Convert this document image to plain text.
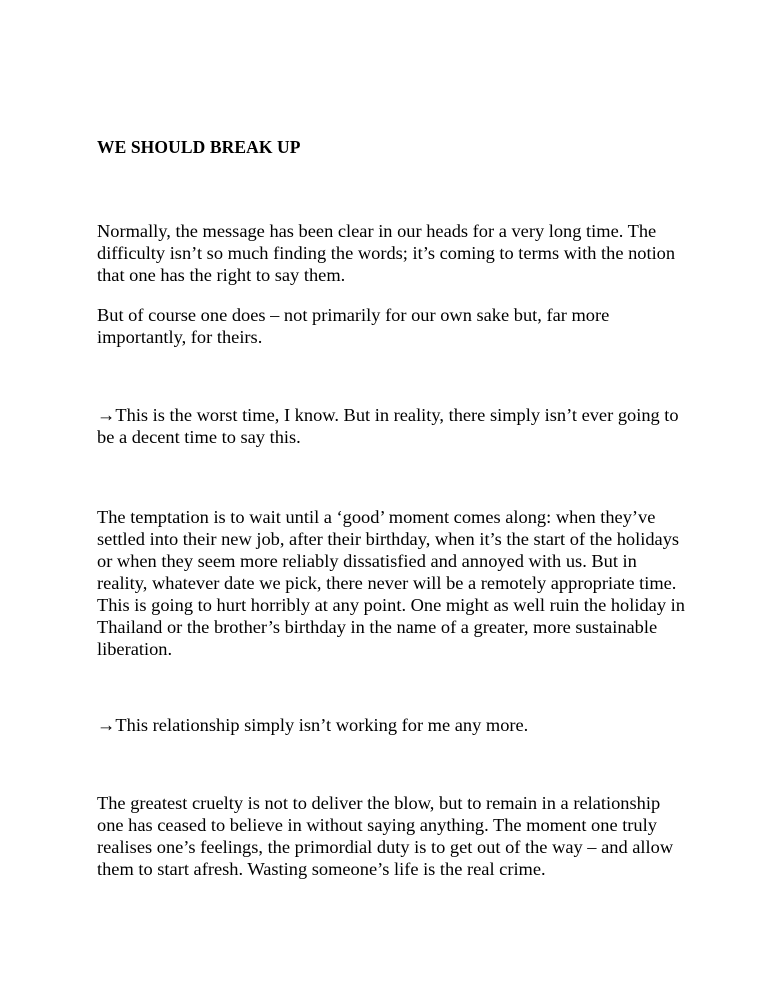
WE SHOULD BREAK UP

Normally, the message has been clear in our heads for a very long time. The difficulty isn’t so much finding the words; it’s coming to terms with the notion that one has the right to say them.

But of course one does – not primarily for our own sake but, far more importantly, for theirs.

→This is the worst time, I know. But in reality, there simply isn’t ever going to be a decent time to say this.

The temptation is to wait until a ‘good’ moment comes along: when they’ve settled into their new job, after their birthday, when it’s the start of the holidays or when they seem more reliably dissatisfied and annoyed with us. But in reality, whatever date we pick, there never will be a remotely appropriate time. This is going to hurt horribly at any point. One might as well ruin the holiday in Thailand or the brother’s birthday in the name of a greater, more sustainable liberation.

→This relationship simply isn’t working for me any more.

The greatest cruelty is not to deliver the blow, but to remain in a relationship one has ceased to believe in without saying anything. The moment one truly realises one’s feelings, the primordial duty is to get out of the way – and allow them to start afresh. Wasting someone’s life is the real crime.
